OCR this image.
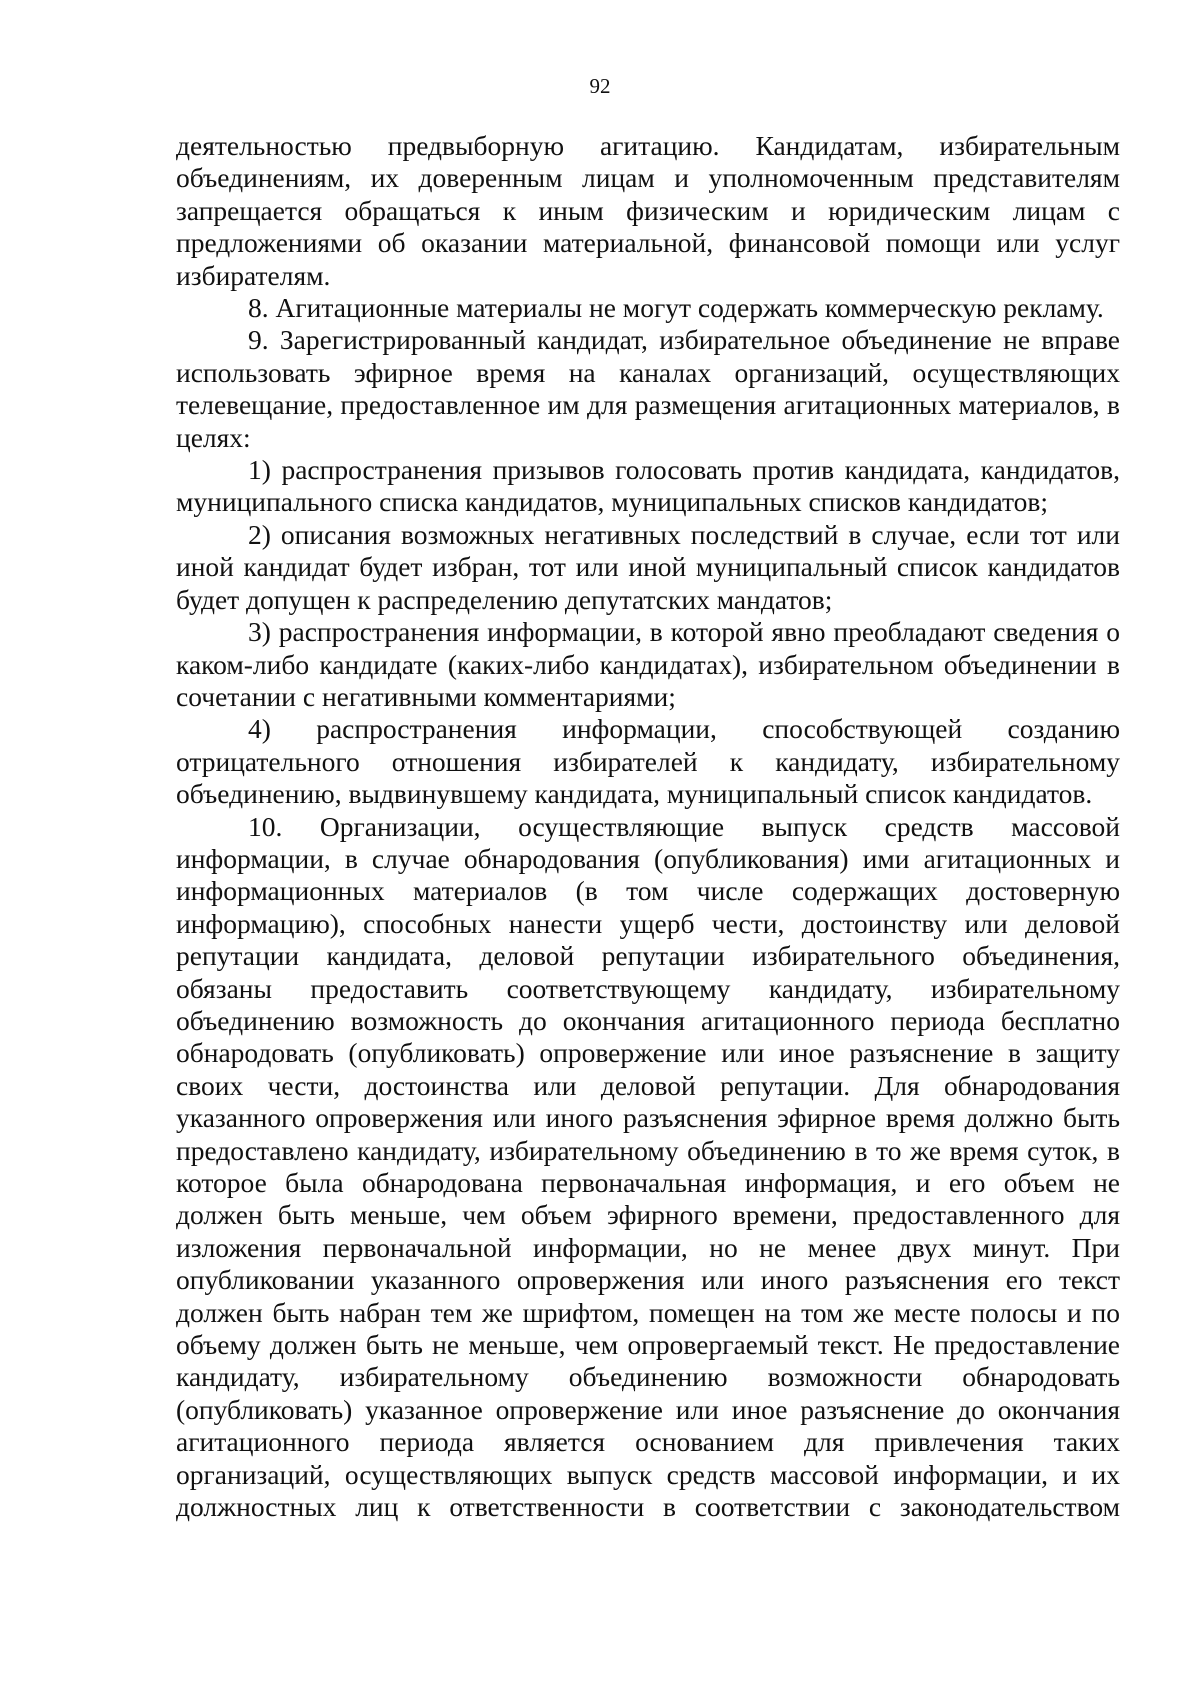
92

деятельностью предвыборную агитацию. Кандидатам, избирательным объединениям, их доверенным лицам и уполномоченным представителям запрещается обращаться к иным физическим и юридическим лицам с предложениями об оказании материальной, финансовой помощи или услуг избирателям.

8. Агитационные материалы не могут содержать коммерческую рекламу.

9. Зарегистрированный кандидат, избирательное объединение не вправе использовать эфирное время на каналах организаций, осуществляющих телевещание, предоставленное им для размещения агитационных материалов, в целях:

1) распространения призывов голосовать против кандидата, кандидатов, муниципального списка кандидатов, муниципальных списков кандидатов;

2) описания возможных негативных последствий в случае, если тот или иной кандидат будет избран, тот или иной муниципальный список кандидатов будет допущен к распределению депутатских мандатов;

3) распространения информации, в которой явно преобладают сведения о каком-либо кандидате (каких-либо кандидатах), избирательном объединении в сочетании с негативными комментариями;

4) распространения информации, способствующей созданию отрицательного отношения избирателей к кандидату, избирательному объединению, выдвинувшему кандидата, муниципальный список кандидатов.

10. Организации, осуществляющие выпуск средств массовой информации, в случае обнародования (опубликования) ими агитационных и информационных материалов (в том числе содержащих достоверную информацию), способных нанести ущерб чести, достоинству или деловой репутации кандидата, деловой репутации избирательного объединения, обязаны предоставить соответствующему кандидату, избирательному объединению возможность до окончания агитационного периода бесплатно обнародовать (опубликовать) опровержение или иное разъяснение в защиту своих чести, достоинства или деловой репутации. Для обнародования указанного опровержения или иного разъяснения эфирное время должно быть предоставлено кандидату, избирательному объединению в то же время суток, в которое была обнародована первоначальная информация, и его объем не должен быть меньше, чем объем эфирного времени, предоставленного для изложения первоначальной информации, но не менее двух минут. При опубликовании указанного опровержения или иного разъяснения его текст должен быть набран тем же шрифтом, помещен на том же месте полосы и по объему должен быть не меньше, чем опровергаемый текст. Не предоставление кандидату, избирательному объединению возможности обнародовать (опубликовать) указанное опровержение или иное разъяснение до окончания агитационного периода является основанием для привлечения таких организаций, осуществляющих выпуск средств массовой информации, и их должностных лиц к ответственности в соответствии с законодательством
